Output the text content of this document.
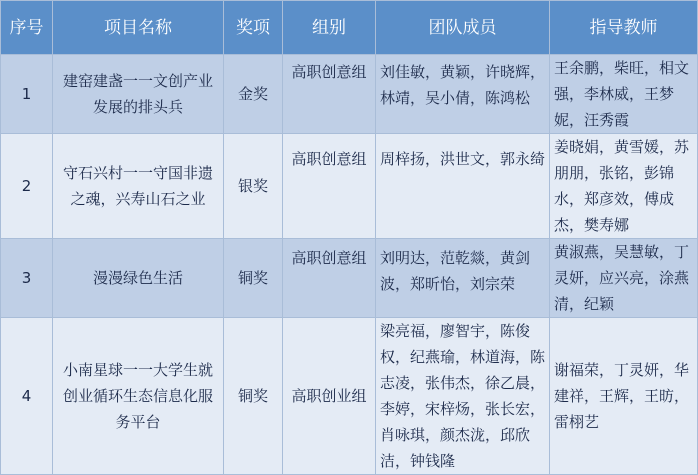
序号	项目名称	奖项	组别	团队成员	指导教师
1	建窑建盏一一文创产业发展的排头兵	金奖	高职创意组	刘佳敏，黄颖，许晓辉，林靖，吴小倩，陈鸿松	王余鹏，柴旺，相文强，李林威，王梦妮，汪秀霞
2	守石兴村一一守国非遗之魂，兴寿山石之业	银奖	高职创意组	周梓扬，洪世文，郭永绮	姜晓娟，黄雪媛，苏朋朋，张铭，彭锦水，郑彦效，傅成杰，樊寿娜
3	漫漫绿色生活	铜奖	高职创意组	刘明达，范乾燚，黄剑波，郑昕怡，刘宗荣	黄淑燕，吴慧敏，丁灵妍，应兴亮，涂燕清，纪颖
4	小南星球一一大学生就创业循环生态信息化服务平台	铜奖	高职创业组	梁亮福，廖智宇，陈俊权，纪燕瑜，林道海，陈志凌，张伟杰，徐乙晨，李婷，宋梓炀，张长宏，肖咏琪，颜杰泷，邱欣洁，钟钱隆	谢福荣，丁灵妍，华建祥，王辉，王昉，雷栩艺
